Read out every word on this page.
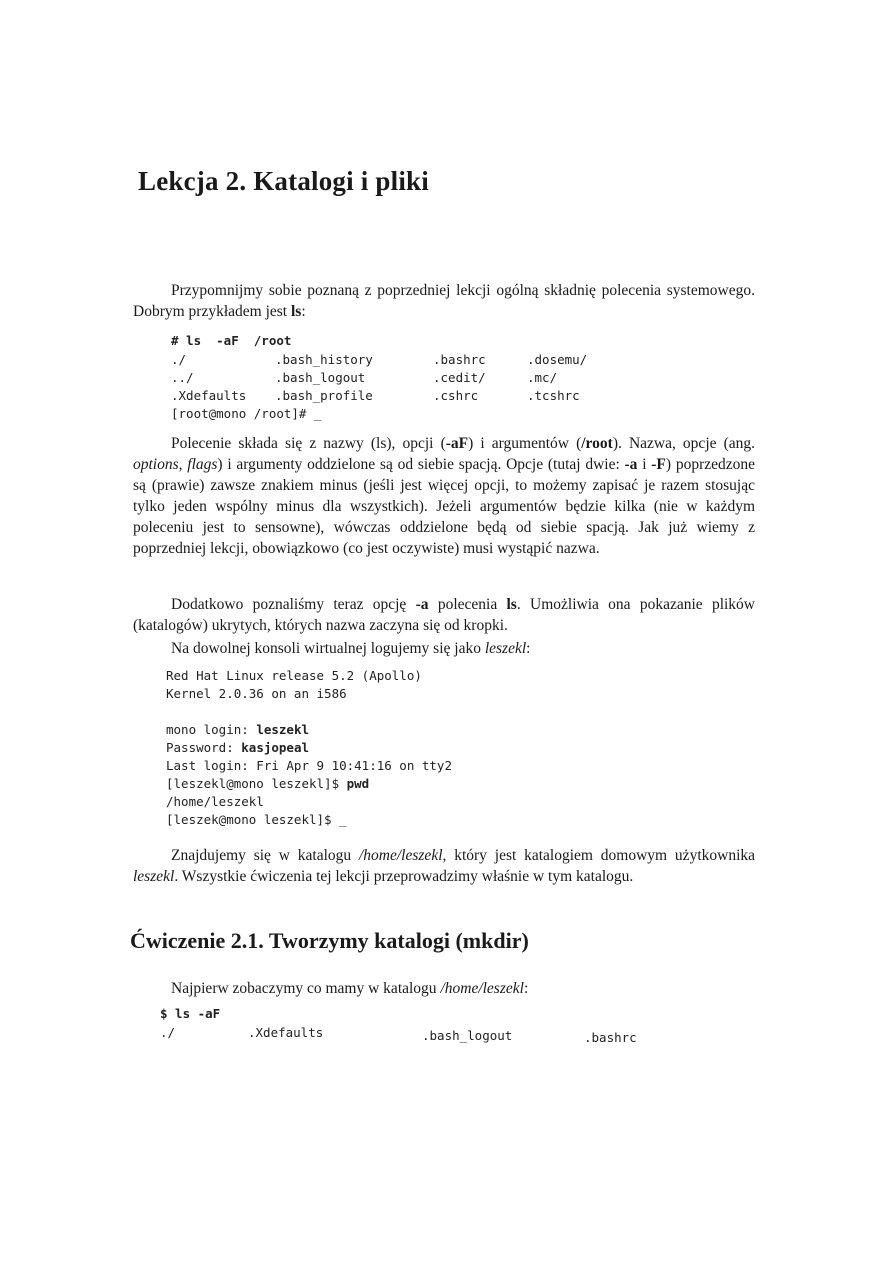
Lekcja 2. Katalogi i pliki

Przypomnijmy sobie poznaną z poprzedniej lekcji ogólną składnię polecenia systemowego. Dobrym przykładem jest ls:

# ls  -aF  /root
./	.bash_history	.bashrc	.dosemu/
../	.bash_logout	.cedit/	.mc/
.Xdefaults .bash_profile	.cshrc	.tcshrc
[root@mono /root]# _

Polecenie składa się z nazwy (ls), opcji (-aF) i argumentów (/root). Nazwa, opcje (ang. options, flags) i argumenty oddzielone są od siebie spacją. Opcje (tutaj dwie: -a i -F) poprzedzone są (prawie) zawsze znakiem minus (jeśli jest więcej opcji, to możemy zapisać je razem stosując tylko jeden wspólny minus dla wszystkich). Jeżeli argumentów będzie kilka (nie w każdym poleceniu jest to sensowne), wówczas oddzielone będą od siebie spacją. Jak już wiemy z poprzedniej lekcji, obowiązkowo (co jest oczywiste) musi wystąpić nazwa.

Dodatkowo poznaliśmy teraz opcję -a polecenia ls. Umożliwia ona pokazanie plików (katalogów) ukrytych, których nazwa zaczyna się od kropki.

Na dowolnej konsoli wirtualnej logujemy się jako leszekl:

Red Hat Linux release 5.2 (Apollo)
Kernel 2.0.36 on an i586

mono login: leszekl
Password: kasjopeal
Last login: Fri Apr 9 10:41:16 on tty2
[leszekl@mono leszekl]$ pwd
/home/leszekl
[leszek@mono leszekl]$ _

Znajdujemy się w katalogu /home/leszekl, który jest katalogiem domowym użytkownika leszekl. Wszystkie ćwiczenia tej lekcji przeprowadzimy właśnie w tym katalogu.

Ćwiczenie 2.1. Tworzymy katalogi (mkdir)

Najpierw zobaczymy co mamy w katalogu /home/leszekl:

$ ls -aF
./	.Xdefaults	.bash_logout	.bashrc
